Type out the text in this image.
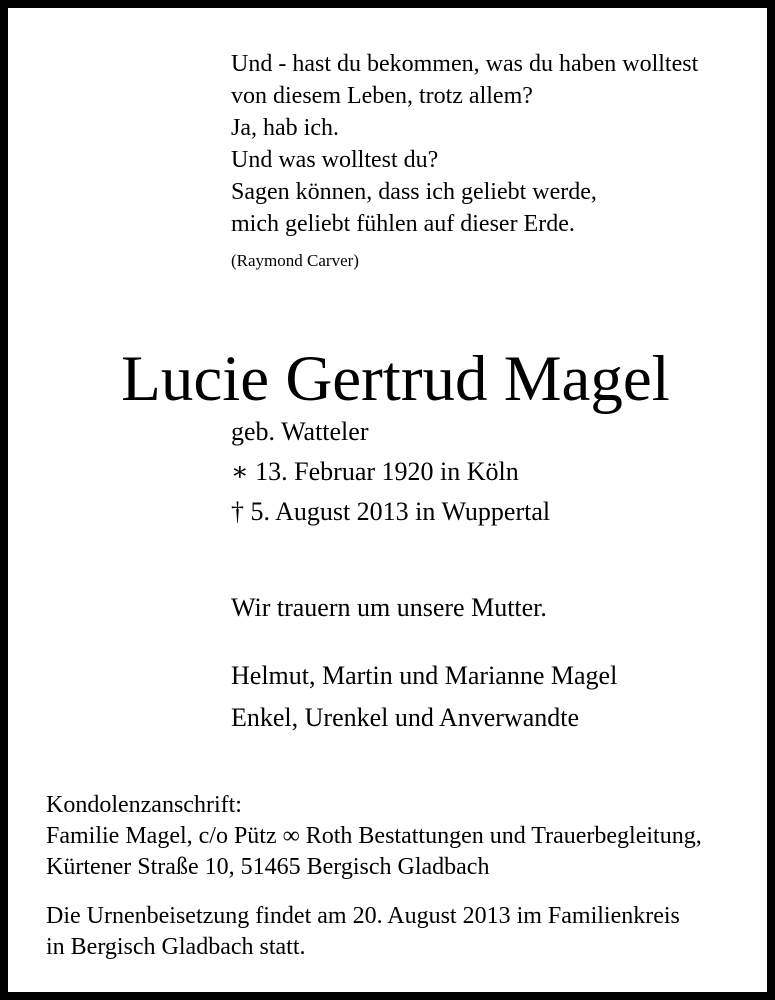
Und - hast du bekommen, was du haben wolltest

von diesem Leben, trotz allem?

Ja, hab ich.

Und was wolltest du?

Sagen können, dass ich geliebt werde,

mich geliebt fühlen auf dieser Erde.

(Raymond Carver)

Lucie Gertrud Magel

geb. Watteler

∗ 13. Februar 1920 in Köln

† 5. August 2013 in Wuppertal

Wir trauern um unsere Mutter.

Helmut, Martin und Marianne Magel

Enkel, Urenkel und Anverwandte

Kondolenzanschrift:

Familie Magel, c/o Pütz ∞ Roth Bestattungen und Trauerbegleitung,

Kürtener Straße 10, 51465 Bergisch Gladbach

Die Urnenbeisetzung findet am 20. August 2013 im Familienkreis

in Bergisch Gladbach statt.
